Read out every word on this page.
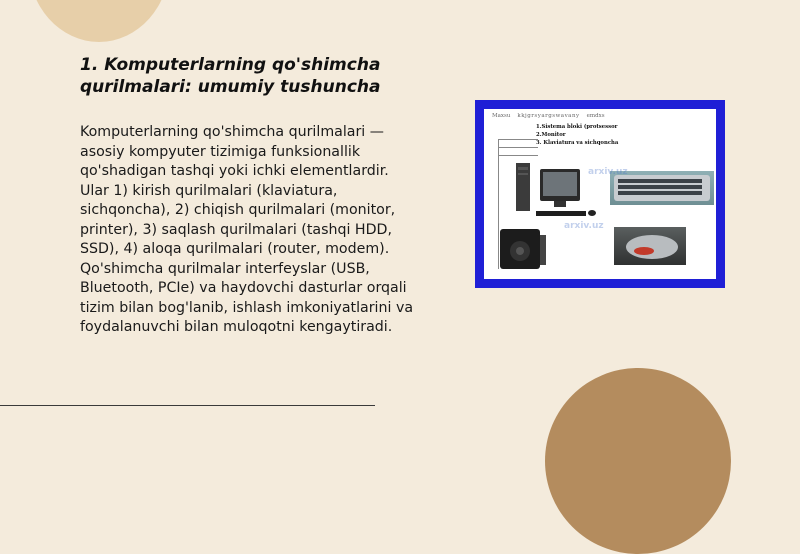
1. Komputerlarning qo'shimcha qurilmalari: umumiy tushuncha

Komputerlarning qo'shimcha qurilmalari — asosiy kompyuter tizimiga funksionallik qo'shadigan tashqi yoki ichki elementlardir. Ular 1) kirish qurilmalari (klaviatura, sichqoncha), 2) chiqish qurilmalari (monitor, printer), 3) saqlash qurilmalari (tashqi HDD, SSD), 4) aloqa qurilmalari (router, modem). Qo'shimcha qurilmalar interfeyslar (USB, Bluetooth, PCIe) va haydovchi dasturlar orqali tizim bilan bog'lanib, ishlash imkoniyatlarini va foydalanuvchi bilan muloqotni kengaytiradi.

Maxsu kkjgrsyargswavany emdxs
1.Sistema bloki (protsessor
2.Monitor
3. Klaviatura va sichqoncha
arxiv.uz
arxiv.uz
